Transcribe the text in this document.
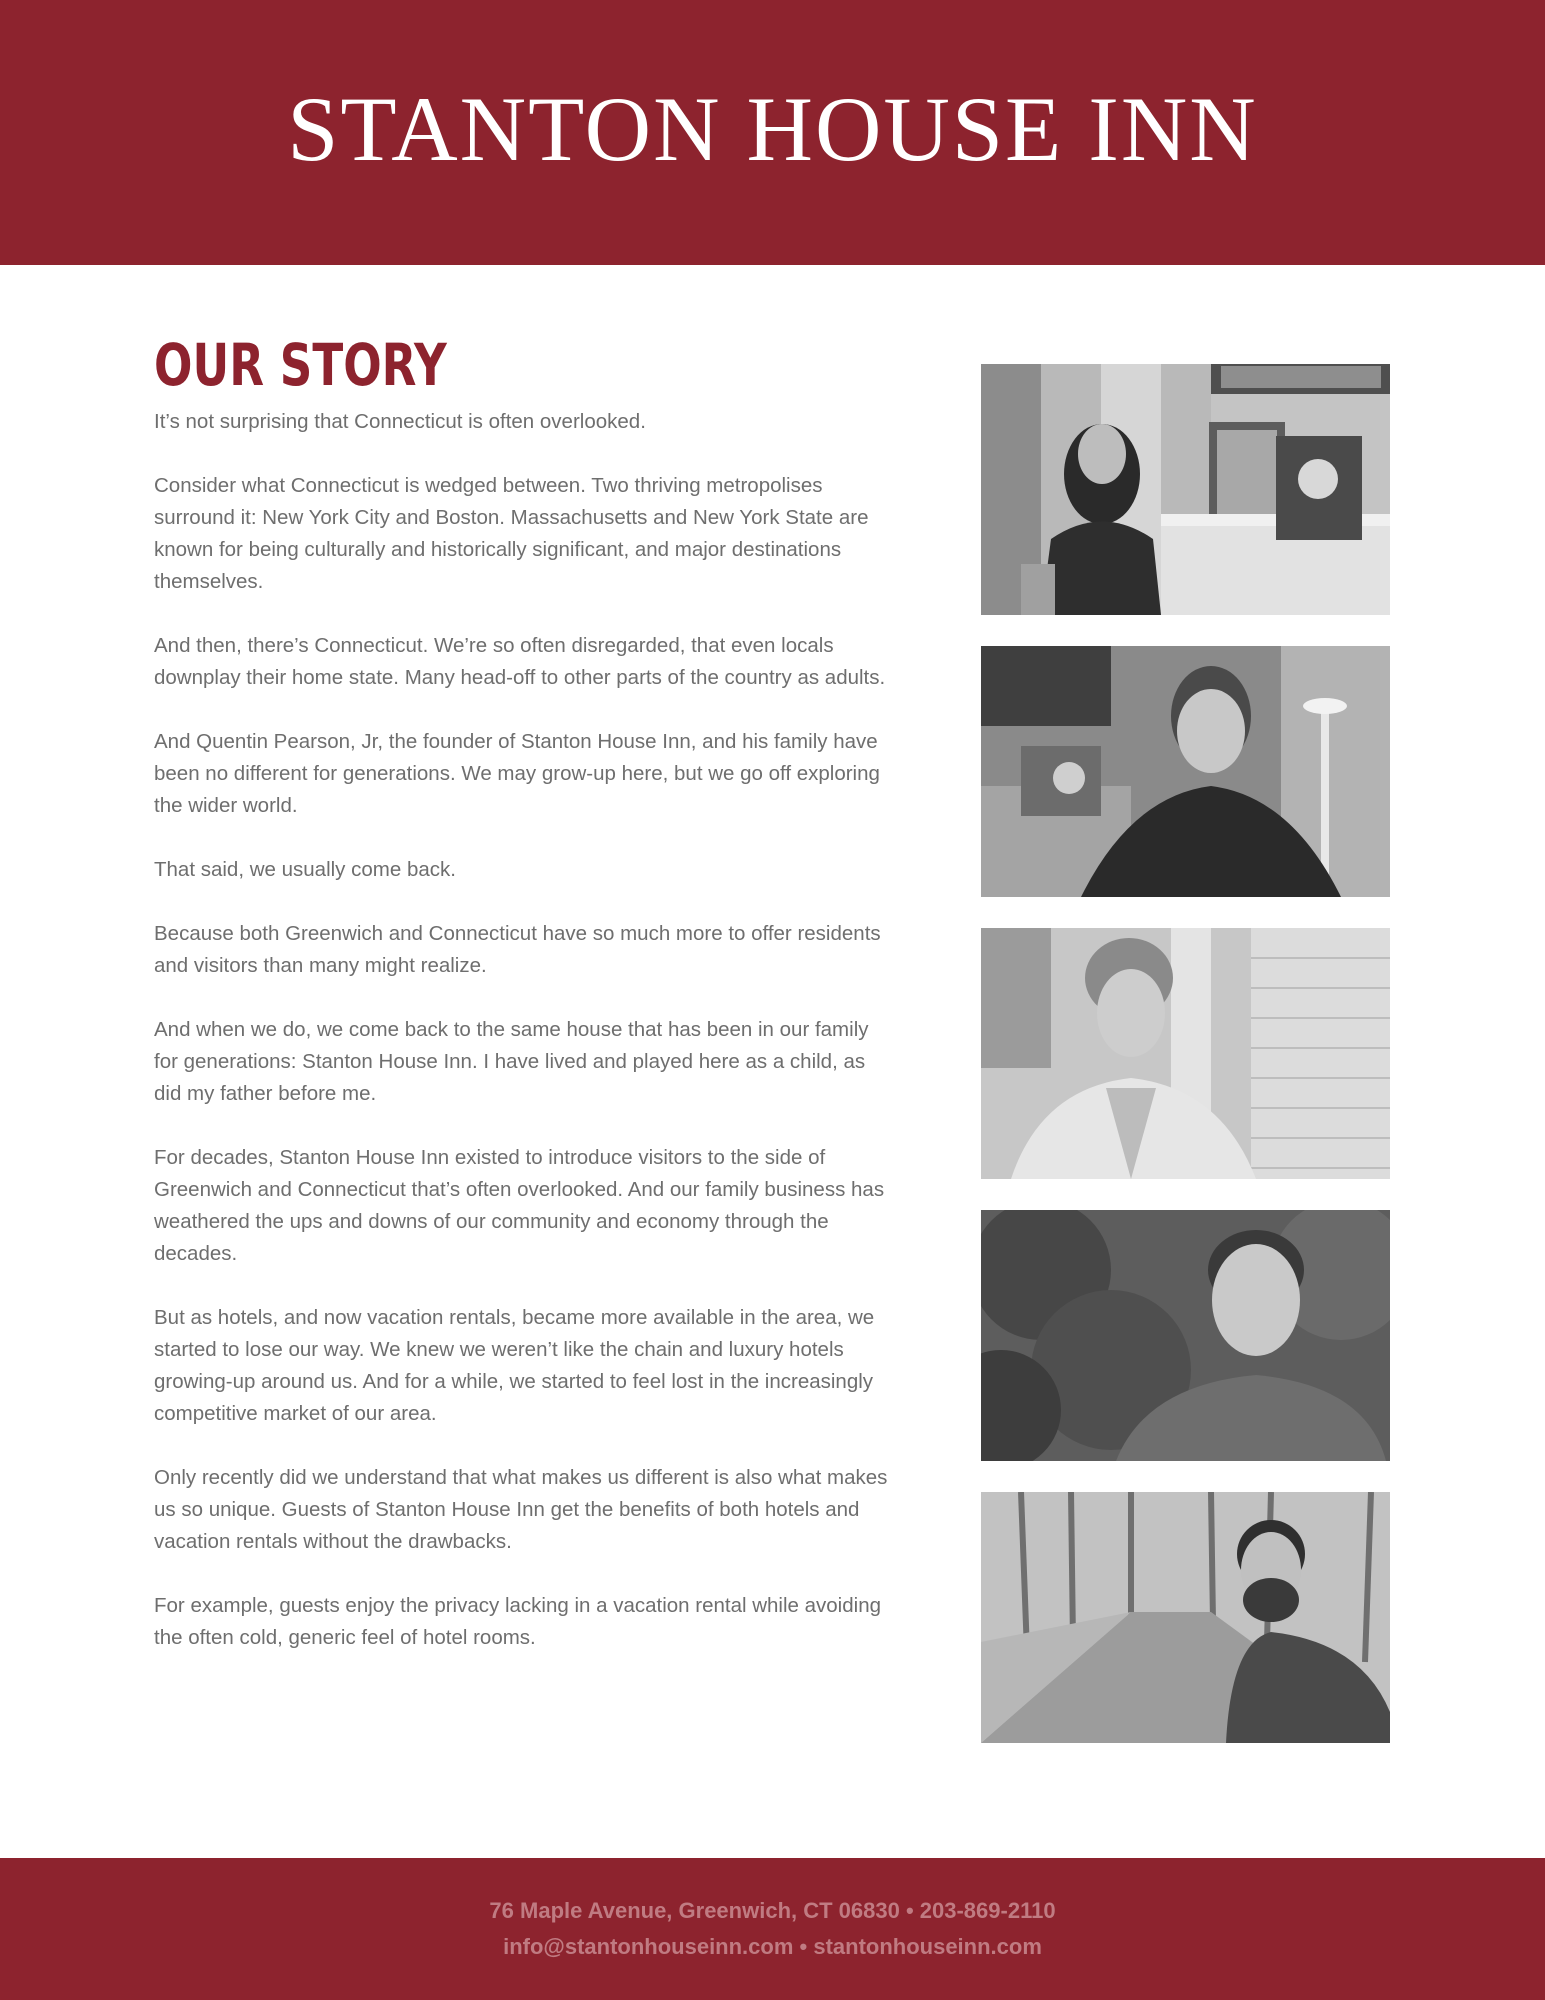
STANTON HOUSE INN
OUR STORY

It’s not surprising that Connecticut is often overlooked.

Consider what Connecticut is wedged between. Two thriving metropolises surround it: New York City and Boston. Massachusetts and New York State are known for being culturally and historically significant, and major destinations themselves.

And then, there’s Connecticut. We’re so often disregarded, that even locals downplay their home state. Many head-off to other parts of the country as adults.

And Quentin Pearson, Jr, the founder of Stanton House Inn, and his family have been no different for generations. We may grow-up here, but we go off exploring the wider world.

That said, we usually come back.

Because both Greenwich and Connecticut have so much more to offer residents and visitors than many might realize.

And when we do, we come back to the same house that has been in our family for generations: Stanton House Inn. I have lived and played here as a child, as did my father before me.

For decades, Stanton House Inn existed to introduce visitors to the side of Greenwich and Connecticut that’s often overlooked. And our family business has weathered the ups and downs of our community and economy through the decades.

But as hotels, and now vacation rentals, became more available in the area, we started to lose our way. We knew we weren’t like the chain and luxury hotels growing-up around us. And for a while, we started to feel lost in the increasingly competitive market of our area.

Only recently did we understand that what makes us different is also what makes us so unique. Guests of Stanton House Inn get the benefits of both hotels and vacation rentals without the drawbacks.

For example, guests enjoy the privacy lacking in a vacation rental while avoiding the often cold, generic feel of hotel rooms.

76 Maple Avenue, Greenwich, CT 06830 • 203-869-2110
info@stantonhouseinn.com • stantonhouseinn.com
